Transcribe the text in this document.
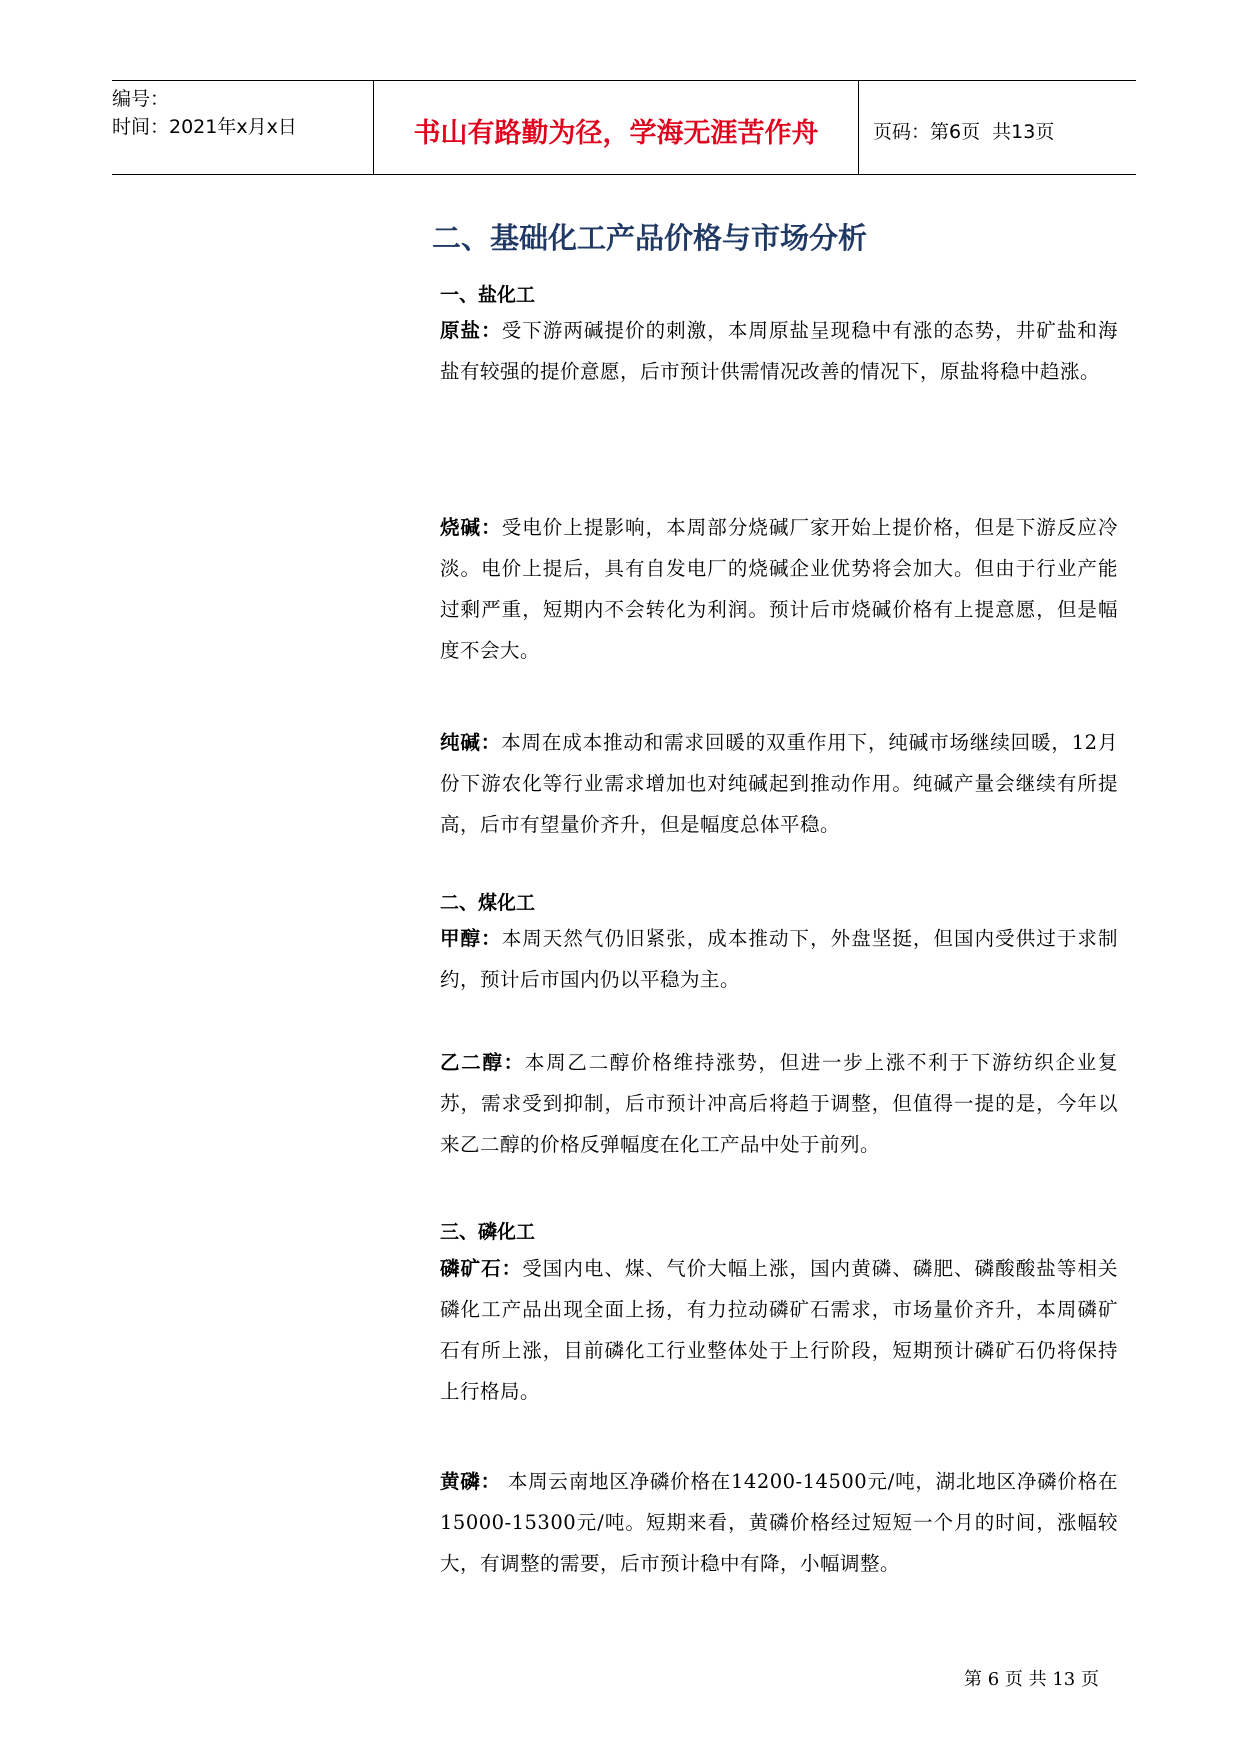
编号：
时间：2021年x月x日	书山有路勤为径，学海无涯苦作舟	页码：第6页  共13页
二、基础化工产品价格与市场分析
一、盐化工
原盐：受下游两碱提价的刺激，本周原盐呈现稳中有涨的态势，井矿盐和海盐有较强的提价意愿，后市预计供需情况改善的情况下，原盐将稳中趋涨。
烧碱：受电价上提影响，本周部分烧碱厂家开始上提价格，但是下游反应冷淡。电价上提后，具有自发电厂的烧碱企业优势将会加大。但由于行业产能过剩严重，短期内不会转化为利润。预计后市烧碱价格有上提意愿，但是幅度不会大。
纯碱：本周在成本推动和需求回暖的双重作用下，纯碱市场继续回暖，12月份下游农化等行业需求增加也对纯碱起到推动作用。纯碱产量会继续有所提高，后市有望量价齐升，但是幅度总体平稳。
二、煤化工
甲醇：本周天然气仍旧紧张，成本推动下，外盘坚挺，但国内受供过于求制约，预计后市国内仍以平稳为主。
乙二醇：本周乙二醇价格维持涨势，但进一步上涨不利于下游纺织企业复苏，需求受到抑制，后市预计冲高后将趋于调整，但值得一提的是，今年以来乙二醇的价格反弹幅度在化工产品中处于前列。
三、磷化工
磷矿石：受国内电、煤、气价大幅上涨，国内黄磷、磷肥、磷酸酸盐等相关磷化工产品出现全面上扬，有力拉动磷矿石需求，市场量价齐升，本周磷矿石有所上涨，目前磷化工行业整体处于上行阶段，短期预计磷矿石仍将保持上行格局。
黄磷： 本周云南地区净磷价格在14200-14500元/吨，湖北地区净磷价格在15000-15300元/吨。短期来看，黄磷价格经过短短一个月的时间，涨幅较大，有调整的需要，后市预计稳中有降，小幅调整。
第 6 页 共 13 页
